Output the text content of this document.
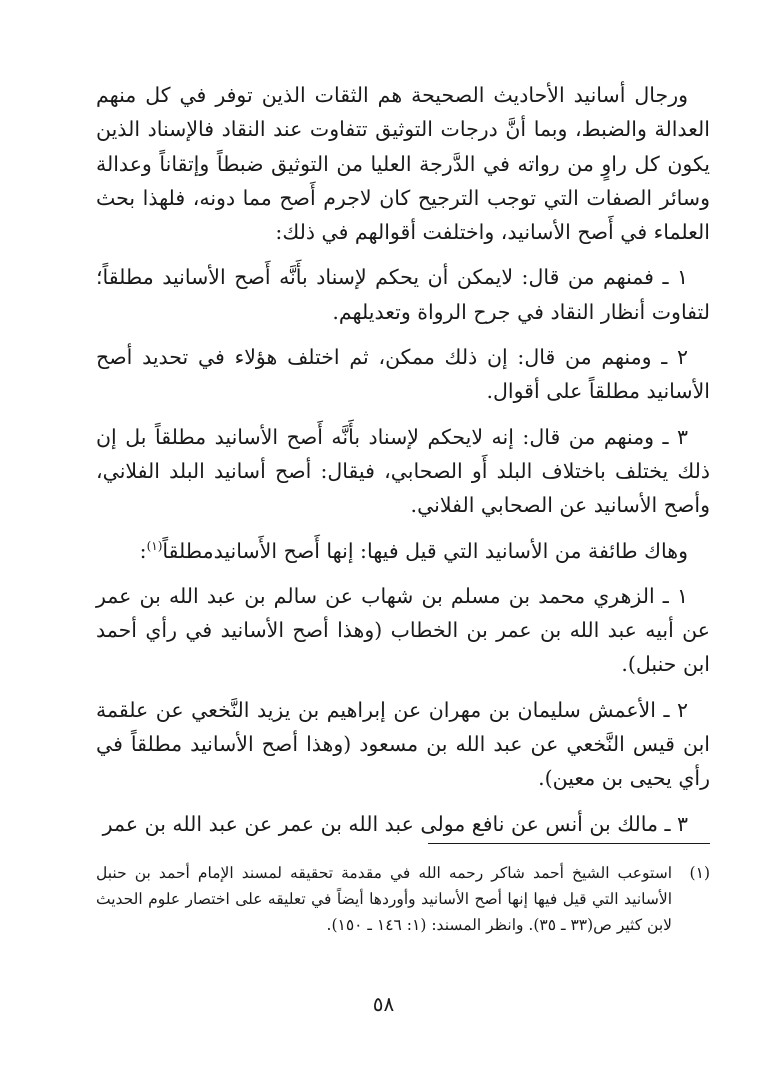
ورجال أسانيد الأحاديث الصحيحة هم الثقات الذين توفر في كل منهم العدالة والضبط، وبما أنَّ درجات التوثيق تتفاوت عند النقاد فالإسناد الذين يكون كل راوٍ من رواته في الدَّرجة العليا من التوثيق ضبطاً وإتقاناً وعدالة وسائر الصفات التي توجب الترجيح كان لاجرم أَصح مما دونه، فلهذا بحث العلماء في أَصح الأسانيد، واختلفت أقوالهم في ذلك:

١ ـ فمنهم من قال: لايمكن أن يحكم لإسناد بأَنَّه أَصح الأسانيد مطلقاً؛ لتفاوت أنظار النقاد في جرح الرواة وتعديلهم.

٢ ـ ومنهم من قال: إن ذلك ممكن، ثم اختلف هؤلاء في تحديد أصح الأسانيد مطلقاً على أقوال.

٣ ـ ومنهم من قال: إنه لايحكم لإسناد بأَنَّه أَصح الأسانيد مطلقاً بل إن ذلك يختلف باختلاف البلد أَو الصحابي، فيقال: أصح أسانيد البلد الفلاني، وأصح الأسانيد عن الصحابي الفلاني.

وهاك طائفة من الأسانيد التي قيل فيها: إنها أَصح الأَسانيدمطلقاً$^{(١)}$:

١ ـ الزهري محمد بن مسلم بن شهاب عن سالم بن عبد الله بن عمر عن أبيه عبد الله بن عمر بن الخطاب (وهذا أصح الأسانيد في رأي أحمد ابن حنبل).

٢ ـ الأعمش سليمان بن مهران عن إبراهيم بن يزيد النَّخعي عن علقمة ابن قيس النَّخعي عن عبد الله بن مسعود (وهذا أصح الأسانيد مطلقاً في رأي يحيى بن معين).

٣ ـ مالك بن أنس عن نافع مولى عبد الله بن عمر عن عبد الله بن عمر

(١)
استوعب الشيخ أحمد شاكر رحمه الله في مقدمة تحقيقه لمسند الإمام أحمد بن حنبل الأسانيد التي قيل فيها إنها أصح الأسانيد وأوردها أيضاً في تعليقه على اختصار علوم الحديث لابن كثير ص(٣٣ ـ ٣٥). وانظر المسند: (١: ١٤٦ ـ ١٥٠).
٥٨
